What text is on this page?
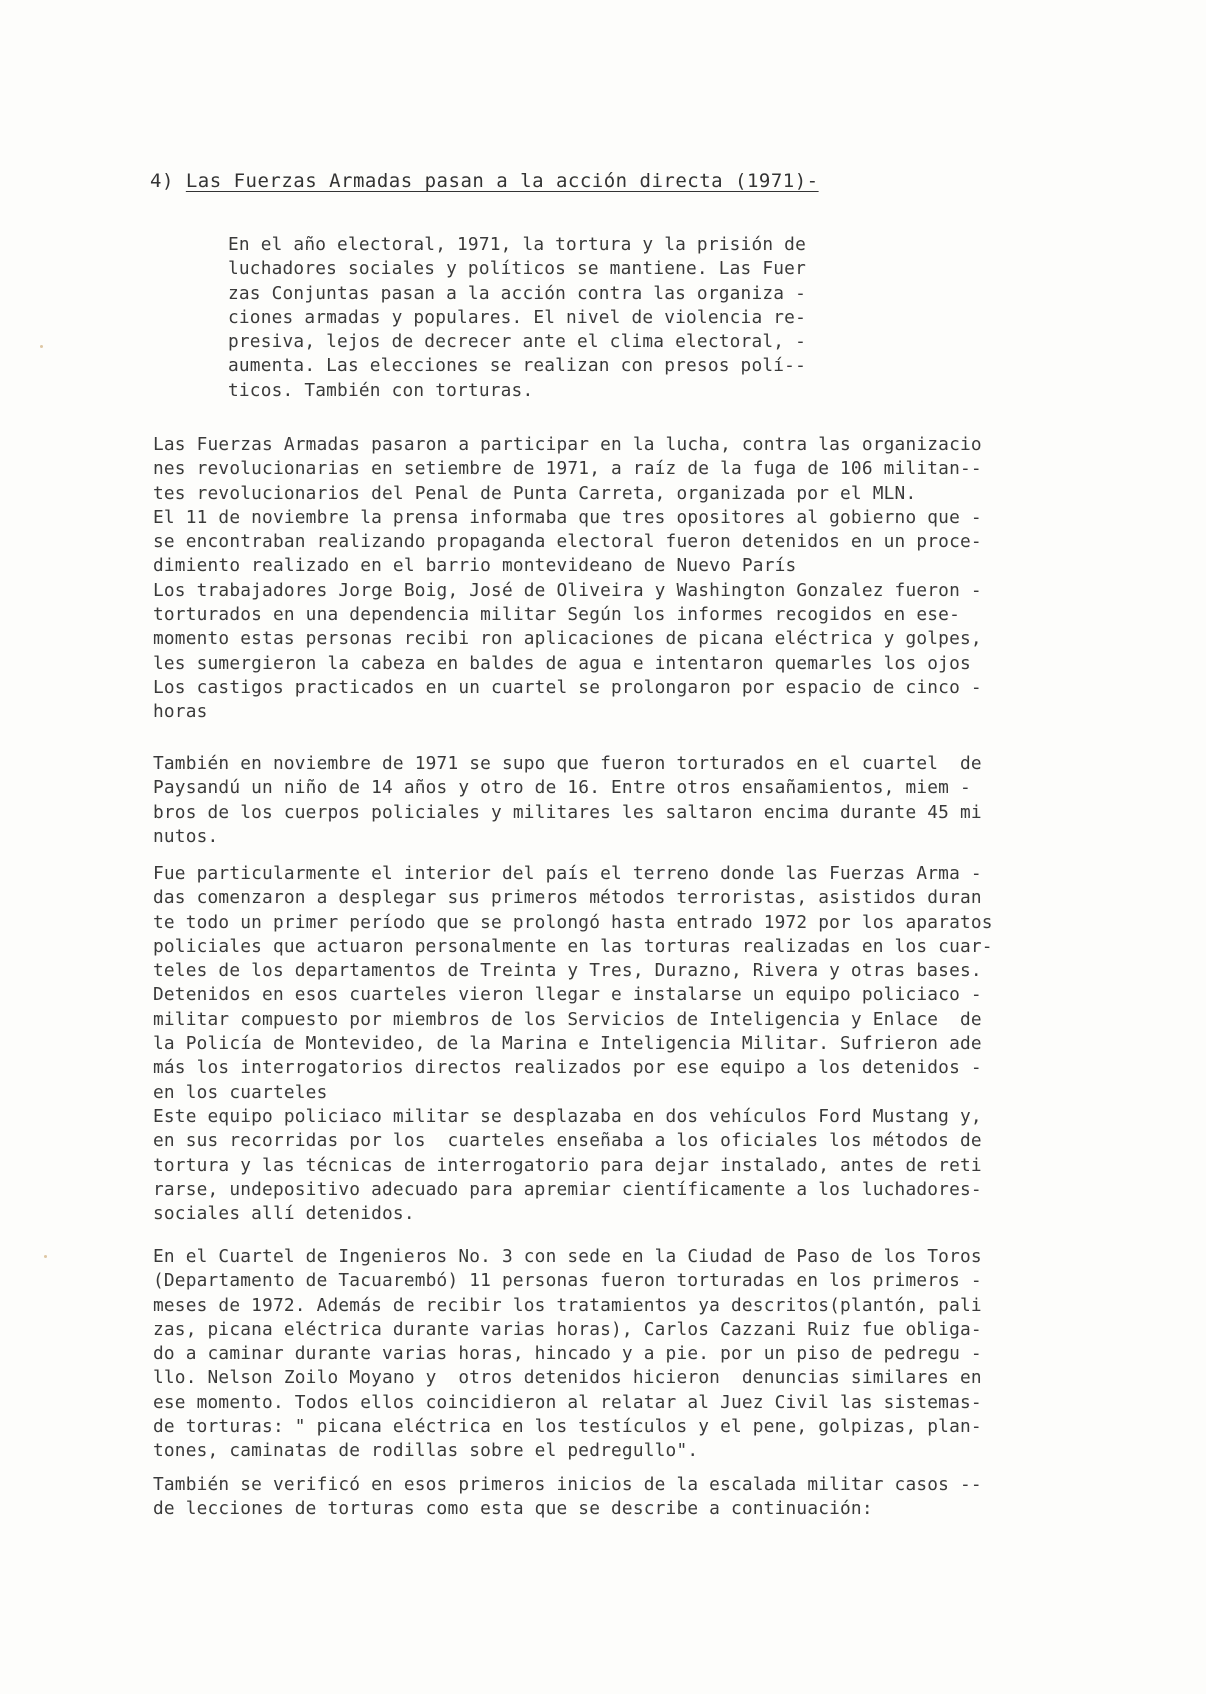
4) Las Fuerzas Armadas pasan a la acción directa (1971)-
En el año electoral, 1971, la tortura y la prisión de
luchadores sociales y políticos se mantiene. Las Fuer
zas Conjuntas pasan a la acción contra las organiza -
ciones armadas y populares. El nivel de violencia re-
presiva, lejos de decrecer ante el clima electoral, -
aumenta. Las elecciones se realizan con presos polí--
ticos. También con torturas.
Las Fuerzas Armadas pasaron a participar en la lucha, contra las organizacio
nes revolucionarias en setiembre de 1971, a raíz de la fuga de 106 militan--
tes revolucionarios del Penal de Punta Carreta, organizada por el MLN.
El 11 de noviembre la prensa informaba que tres opositores al gobierno que -
se encontraban realizando propaganda electoral fueron detenidos en un proce-
dimiento realizado en el barrio montevideano de Nuevo París
Los trabajadores Jorge Boig, José de Oliveira y Washington Gonzalez fueron -
torturados en una dependencia militar Según los informes recogidos en ese-
momento estas personas recibi ron aplicaciones de picana eléctrica y golpes,
les sumergieron la cabeza en baldes de agua e intentaron quemarles los ojos
Los castigos practicados en un cuartel se prolongaron por espacio de cinco -
horas
También en noviembre de 1971 se supo que fueron torturados en el cuartel  de
Paysandú un niño de 14 años y otro de 16. Entre otros ensañamientos, miem -
bros de los cuerpos policiales y militares les saltaron encima durante 45 mi
nutos.
Fue particularmente el interior del país el terreno donde las Fuerzas Arma -
das comenzaron a desplegar sus primeros métodos terroristas, asistidos duran
te todo un primer período que se prolongó hasta entrado 1972 por los aparatos
policiales que actuaron personalmente en las torturas realizadas en los cuar-
teles de los departamentos de Treinta y Tres, Durazno, Rivera y otras bases.
Detenidos en esos cuarteles vieron llegar e instalarse un equipo policiaco -
militar compuesto por miembros de los Servicios de Inteligencia y Enlace  de
la Policía de Montevideo, de la Marina e Inteligencia Militar. Sufrieron ade
más los interrogatorios directos realizados por ese equipo a los detenidos -
en los cuarteles
Este equipo policiaco militar se desplazaba en dos vehículos Ford Mustang y,
en sus recorridas por los  cuarteles enseñaba a los oficiales los métodos de
tortura y las técnicas de interrogatorio para dejar instalado, antes de reti
rarse, undepositivo adecuado para apremiar científicamente a los luchadores-
sociales allí detenidos.
En el Cuartel de Ingenieros No. 3 con sede en la Ciudad de Paso de los Toros
(Departamento de Tacuarembó) 11 personas fueron torturadas en los primeros -
meses de 1972. Además de recibir los tratamientos ya descritos(plantón, pali
zas, picana eléctrica durante varias horas), Carlos Cazzani Ruiz fue obliga-
do a caminar durante varias horas, hincado y a pie. por un piso de pedregu -
llo. Nelson Zoilo Moyano y  otros detenidos hicieron  denuncias similares en
ese momento. Todos ellos coincidieron al relatar al Juez Civil las sistemas-
de torturas: " picana eléctrica en los testículos y el pene, golpizas, plan-
tones, caminatas de rodillas sobre el pedregullo".
También se verificó en esos primeros inicios de la escalada militar casos --
de lecciones de torturas como esta que se describe a continuación:
